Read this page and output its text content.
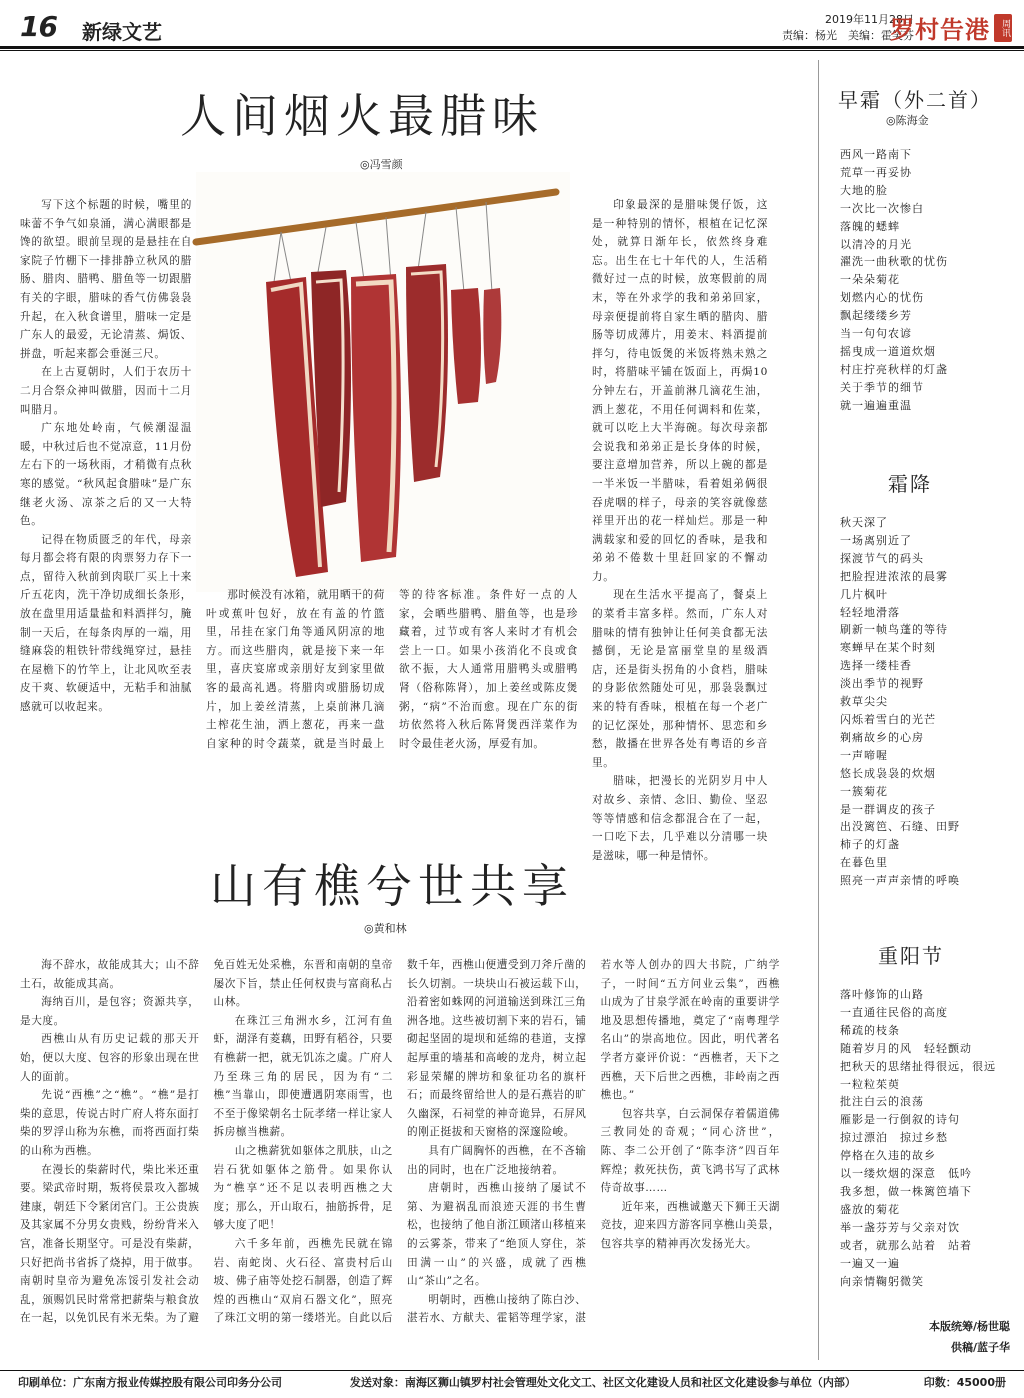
16 新绿文艺
2019年11月28日
责编：杨光　美编：霍笑芬
罗村告港	周讯
人间烟火最腊味
◎冯雪颜

写下这个标题的时候，嘴里的味蕾不争气如泉涌，满心满眼都是馋的欲望。眼前呈现的是悬挂在自家院子竹棚下一排排静立秋风的腊肠、腊肉、腊鸭、腊鱼等一切跟腊有关的字眼，腊味的香气仿佛袅袅升起，在入秋食谱里，腊味一定是广东人的最爱，无论清蒸、焗饭、拼盘，听起来都会垂涎三尺。

在上古夏朝时，人们于农历十二月合祭众神叫做腊，因而十二月叫腊月。

广东地处岭南，气候潮湿温暖，中秋过后也不觉凉意，11月份左右下的一场秋雨，才稍微有点秋寒的感觉。“秋风起食腊味”是广东继老火汤、凉茶之后的又一大特色。

记得在物质匮乏的年代，母亲每月都会将有限的肉票努力存下一点，留待入秋前到肉联厂买上十来斤五花肉，洗干净切成细长条形，放在盘里用适量盐和料酒拌匀，腌制一天后，在每条肉厚的一端，用缝麻袋的粗铁针带线绳穿过，悬挂在屋檐下的竹竿上，让北风吹至表皮干爽、软硬适中，无粘手和油腻感就可以收起来。

那时候没有冰箱，就用晒干的荷叶或蕉叶包好，放在有盖的竹篮里，吊挂在家门角等通风阴凉的地方。而这些腊肉，就是接下来一年里，喜庆宴席或亲朋好友到家里做客的最高礼遇。将腊肉或腊肠切成片，加上姜丝清蒸，上桌前淋几滴土榨花生油，洒上葱花，再来一盘自家种的时令蔬菜，就是当时最上等的待客标准。条件好一点的人家，会晒些腊鸭、腊鱼等，也是珍藏着，过节或有客人来时才有机会尝上一口。如果小孩消化不良或食欲不振，大人通常用腊鸭头或腊鸭肾（俗称陈肾），加上姜丝或陈皮煲粥，“病”不治而愈。现在广东的街坊依然将入秋后陈肾煲西洋菜作为时令最佳老火汤，厚爱有加。

印象最深的是腊味煲仔饭，这是一种特别的情怀，根植在记忆深处，就算日渐年长，依然终身难忘。出生在七十年代的人，生活稍微好过一点的时候，放寒假前的周末，等在外求学的我和弟弟回家，母亲便提前将自家生晒的腊肉、腊肠等切成薄片，用姜末、料酒提前拌匀，待电饭煲的米饭将熟未熟之时，将腊味平铺在饭面上，再焗10分钟左右，开盖前淋几滴花生油，洒上葱花，不用任何调料和佐菜，就可以吃上大半海碗。每次母亲都会说我和弟弟正是长身体的时候，要注意增加营养，所以上碗的都是一半米饭一半腊味，看着姐弟俩很吞虎咽的样子，母亲的笑容就像慈祥里开出的花一样灿烂。那是一种满载家和爱的回忆的香味，是我和弟弟不倦数十里赶回家的不懈动力。

现在生活水平提高了，餐桌上的菜肴丰富多样。然而，广东人对腊味的情有独钟让任何美食都无法撼倒，无论是富丽堂皇的星级酒店，还是街头拐角的小食档，腊味的身影依然随处可见，那袅袅飘过来的特有香味，根植在每一个老广的记忆深处，那种情怀、思恋和乡愁，散播在世界各处有粤语的乡音里。

腊味，把漫长的光阴岁月中人对故乡、亲情、念旧、勤俭、坚忍等等情感和信念都混合在了一起，一口吃下去，几乎难以分清哪一块是滋味，哪一种是情怀。

山有樵兮世共享
◎黄和林

海不辞水，故能成其大；山不辞土石，故能成其高。

海纳百川，是包容；资源共享，是大度。

西樵山从有历史记载的那天开始，便以大度、包容的形象出现在世人的面前。

先说“西樵”之“樵”。“樵”是打柴的意思，传说古时广府人将东面打柴的罗浮山称为东樵，而将西面打柴的山称为西樵。

在漫长的柴薪时代，柴比米还重要。梁武帝时期，叛将侯景攻入都城建康，朝廷下令紧闭宫门。王公贵族及其家属不分男女贵贱，纷纷背米入宫，准备长期坚守。可是没有柴薪，只好把尚书省拆了烧掉，用于做事。南朝时皇帝为避免冻馁引发社会动乱，颁赐饥民时常常把薪柴与粮食放在一起，以免饥民有米无柴。为了避免百姓无处采樵，东晋和南朝的皇帝屡次下旨，禁止任何权贵与富商私占山林。

在珠江三角洲水乡，江河有鱼虾，湖泽有菱藕，田野有稻谷，只要有樵薪一把，就无饥冻之虞。广府人乃至珠三角的居民，因为有“二樵”当靠山，即使遭遇阴寒雨雪，也不至于像梁朝名士阮孝绪一样让家人拆房檩当樵薪。

山之樵薪犹如躯体之肌肤，山之岩石犹如躯体之筋骨。如果你认为“樵享”还不足以表明西樵之大度；那么，开山取石，抽筋拆骨，足够大度了吧！

六千多年前，西樵先民就在锦岩、南蛇岗、火石径、富贵村后山坡、佛子庙等处挖石制器，创造了辉煌的西樵山“双肩石器文化”，照亮了珠江文明的第一缕塔光。自此以后数千年，西樵山便遭受到刀斧斤凿的长久切割。一块块山石被运载下山，沿着密如蛛网的河道输送到珠江三角洲各地。这些被切割下来的岩石，铺砌起坚固的堤坝和延绵的巷道，支撑起厚重的墙基和高峻的龙舟，树立起彩显荣耀的牌坊和象征功名的旗杆石；而最终留给世人的是石燕岩的旷久幽深，石祠堂的神奇诡异，石屏风的刚正挺拔和天窗格的深邃险峻。

具有广阔胸怀的西樵，在不吝输出的同时，也在广泛地接纳着。

唐朝时，西樵山接纳了屡试不第、为避祸乱而浪迹天涯的书生曹松，也接纳了他自浙江顾渚山移植来的云雾茶，带来了“绝顶人穿住，茶田满一山”的兴盛，成就了西樵山“茶山”之名。

明朝时，西樵山接纳了陈白沙、湛若水、方献夫、霍韬等理学家，湛若水等人创办的四大书院，广纳学子，一时间“五方问业云集”，西樵山成为了甘泉学派在岭南的重要讲学地及思想传播地，奠定了“南粤理学名山”的崇高地位。因此，明代著名学者方豪评价说：“西樵者，天下之西樵，天下后世之西樵，非岭南之西樵也。”

包容共享，白云洞保存着儒道佛三教同处的奇观；“同心济世”，陈、李二公开创了“陈李济”四百年辉煌；救死扶伤，黄飞鸿书写了武林侍奇故事……

近年来，西樵诚邀天下狮王天湖竞技，迎来四方游客同享樵山美景，包容共享的精神再次发扬光大。

早霜（外二首）
◎陈海金
西风一路南下
荒草一再妥协
大地的脸
一次比一次惨白
落魄的蟋蟀
以清冷的月光
濯洗一曲秋歌的忧伤
一朵朵菊花
划燃内心的忧伤
飘起缕缕乡芳
当一句句农谚
摇曳成一道道炊烟
村庄拧亮秋样的灯盏
关于季节的细节
就一遍遍重温
霜降
秋天深了
一场离别近了
探渡节气的码头
把脸捏进浓浓的晨雾
几片枫叶
轻轻地滑落
刷新一帧鸟蓬的等待
寒蝉早在某个时刻
选择一缕桂香
淡出季节的视野
救草尖尖
闪烁着雪白的光芒
剃痛故乡的心房
一声啼喔
悠长成袅袅的炊烟
一簇菊花
是一群调皮的孩子
出没篱笆、石缝、田野
柿子的灯盏
在暮色里
照亮一声声亲情的呼唤
重阳节
落叶修饰的山路
一直通往民俗的高度
稀疏的枝条
随着岁月的风　轻轻颤动
把秋天的思绪扯得很远，很远
一粒粒茱萸
批注白云的浪荡
雁影是一行倒叙的诗句
掠过漂泊　掠过乡愁
停格在久违的故乡
以一缕炊烟的深意　低吟
我多想，做一株篱笆墙下
盛放的菊花
举一盏芬芳与父亲对饮
或者，就那么站着　站着
一遍又一遍
向亲情鞠躬微笑
本版统筹/杨世聪
供稿/蓝子华
印刷单位：广东南方报业传媒控股有限公司印务分公司	发送对象：南海区狮山镇罗村社会管理处文化文工、社区文化建设人员和社区文化建设参与单位（内部）	印数：45000册
